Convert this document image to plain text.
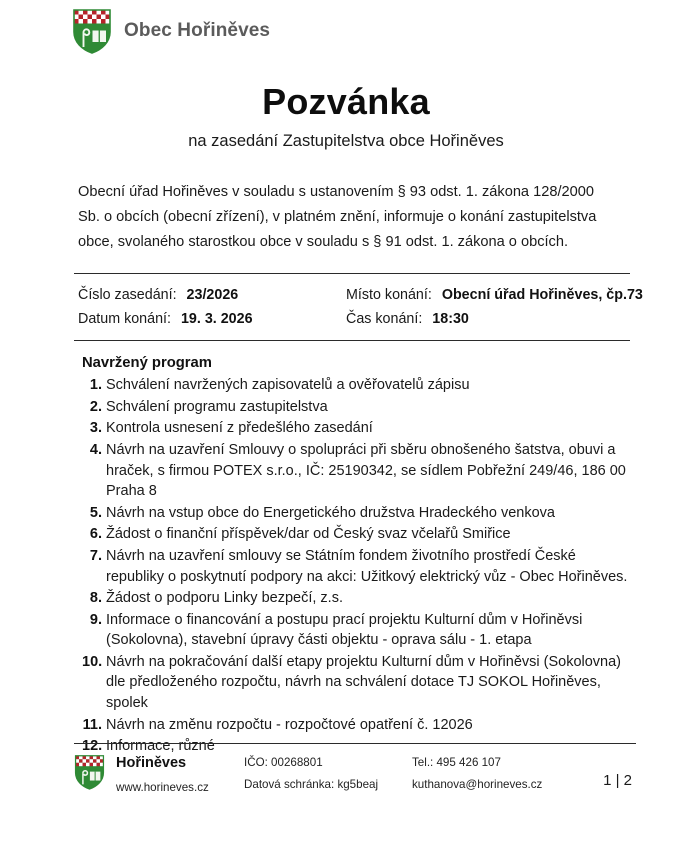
Obec Hořiněves
Pozvánka
na zasedání Zastupitelstva obce Hořiněves
Obecní úřad Hořiněves v souladu s ustanovením § 93 odst. 1. zákona 128/2000 Sb. o obcích (obecní zřízení), v platném znění, informuje o konání zastupitelstva obce, svolaného starostkou obce v souladu s § 91 odst. 1. zákona o obcích.
Číslo zasedání: 23/2026	Místo konání: Obecní úřad Hořiněves, čp.73
Datum konání: 19. 3. 2026	Čas konání: 18:30
Navržený program
Schválení navržených zapisovatelů a ověřovatelů zápisu
Schválení programu zastupitelstva
Kontrola usnesení z předešlého zasedání
Návrh na uzavření Smlouvy o spolupráci při sběru obnošeného šatstva, obuvi a hraček, s firmou POTEX s.r.o., IČ: 25190342, se sídlem Pobřežní 249/46, 186 00 Praha 8
Návrh na vstup obce do Energetického družstva Hradeckého venkova
Žádost o finanční příspěvek/dar od Český svaz včelařů Smiřice
Návrh na uzavření smlouvy se Státním fondem životního prostředí České republiky o poskytnutí podpory na akci: Užitkový elektrický vůz - Obec Hořiněves.
Žádost o podporu Linky bezpečí, z.s.
Informace o financování a postupu prací projektu Kulturní dům v Hořiněvsi (Sokolovna), stavební úpravy části objektu - oprava sálu - 1. etapa
Návrh na pokračování další etapy projektu Kulturní dům v Hořiněvsi (Sokolovna) dle předloženého rozpočtu, návrh na schválení dotace TJ SOKOL Hořiněves, spolek
Návrh na změnu rozpočtu - rozpočtové opatření č. 12026
Informace, různé
Hořiněves
www.horineves.cz
IČO: 00268801
Datová schránka: kg5beaj
Tel.: 495 426 107
kuthanova@horineves.cz	1 | 2
